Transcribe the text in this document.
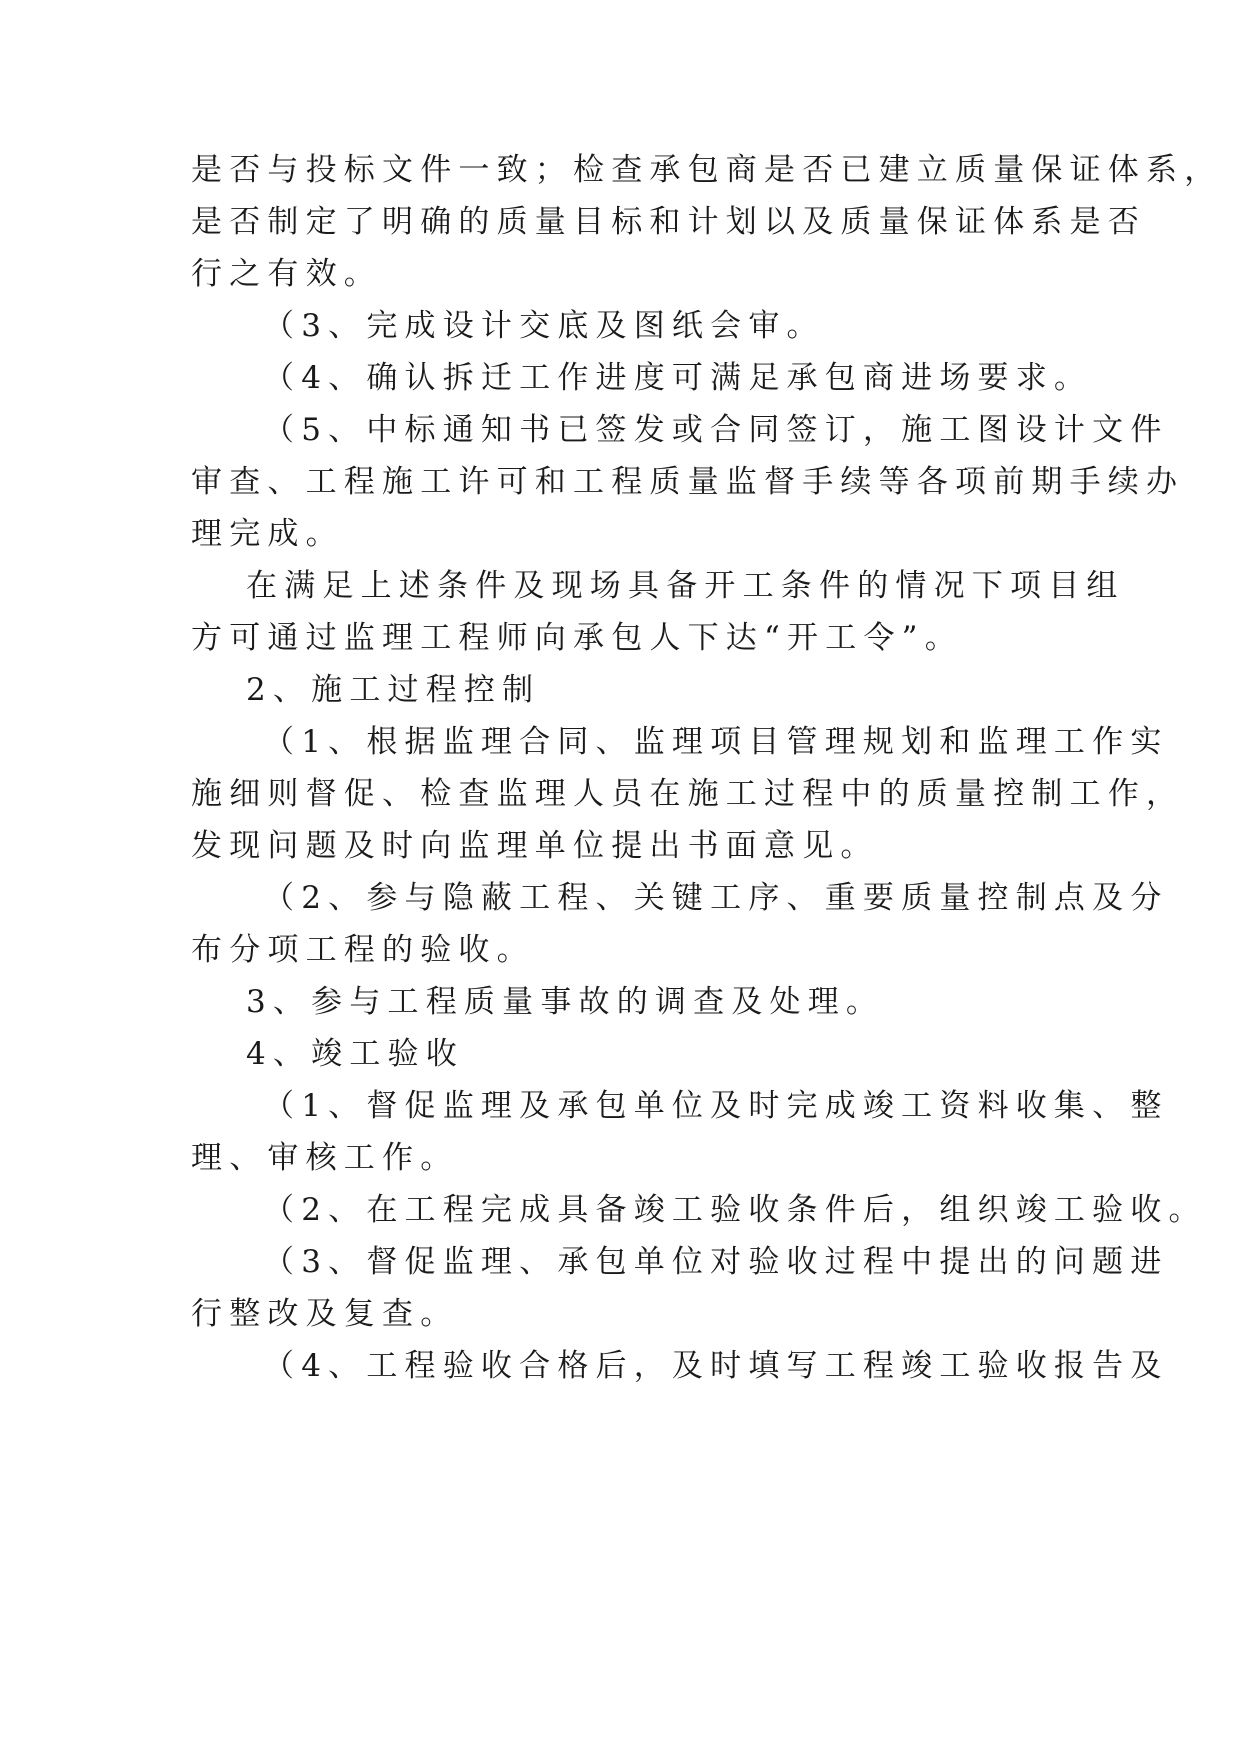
是否与投标文件一致；检查承包商是否已建立质量保证体系，
是否制定了明确的质量目标和计划以及质量保证体系是否
行之有效。
（3、完成设计交底及图纸会审。
（4、确认拆迁工作进度可满足承包商进场要求。
（5、中标通知书已签发或合同签订，施工图设计文件
审查、工程施工许可和工程质量监督手续等各项前期手续办
理完成。
在满足上述条件及现场具备开工条件的情况下项目组
方可通过监理工程师向承包人下达“开工令”。
2、施工过程控制
（1、根据监理合同、监理项目管理规划和监理工作实
施细则督促、检查监理人员在施工过程中的质量控制工作，
发现问题及时向监理单位提出书面意见。
（2、参与隐蔽工程、关键工序、重要质量控制点及分
布分项工程的验收。
3、参与工程质量事故的调查及处理。
4、竣工验收
（1、督促监理及承包单位及时完成竣工资料收集、整
理、审核工作。
（2、在工程完成具备竣工验收条件后，组织竣工验收。
（3、督促监理、承包单位对验收过程中提出的问题进
行整改及复查。
（4、工程验收合格后，及时填写工程竣工验收报告及
